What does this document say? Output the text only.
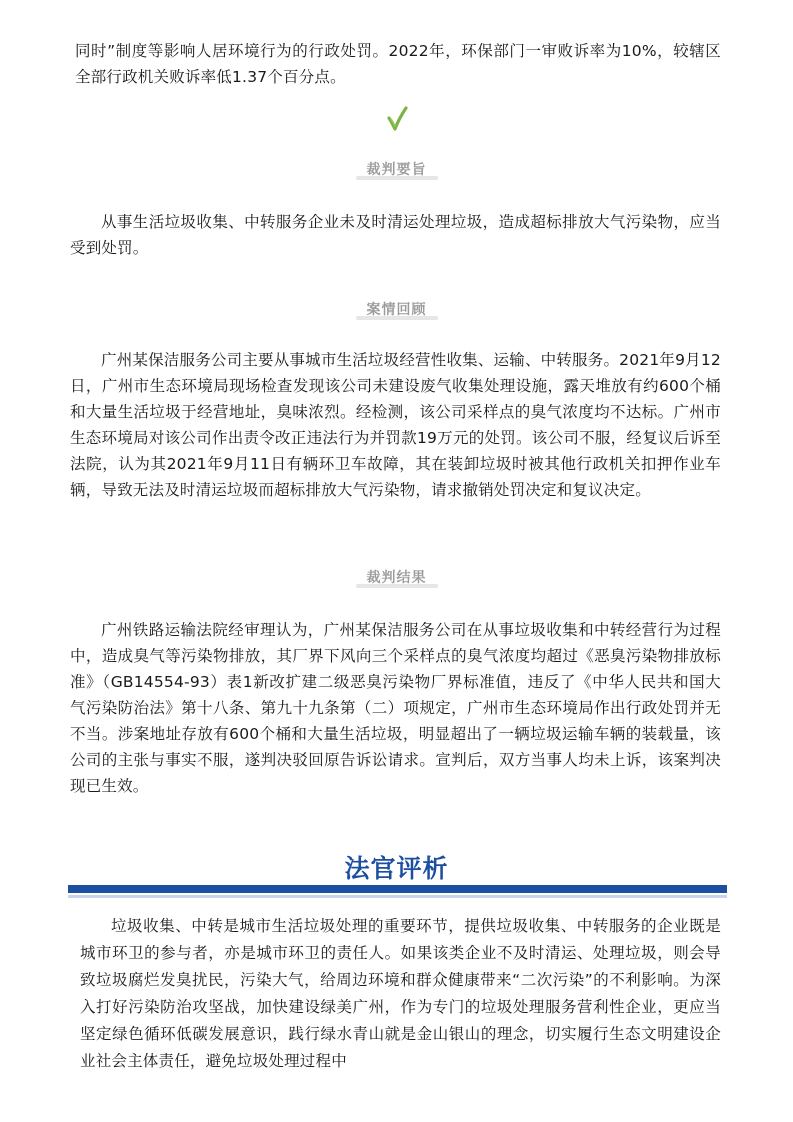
同时”制度等影响人居环境行为的行政处罚。2022年，环保部门一审败诉率为10%，较辖区全部行政机关败诉率低1.37个百分点。

裁判要旨

从事生活垃圾收集、中转服务企业未及时清运处理垃圾，造成超标排放大气污染物，应当受到处罚。

案情回顾

广州某保洁服务公司主要从事城市生活垃圾经营性收集、运输、中转服务。2021年9月12日，广州市生态环境局现场检查发现该公司未建设废气收集处理设施，露天堆放有约600个桶和大量生活垃圾于经营地址，臭味浓烈。经检测，该公司采样点的臭气浓度均不达标。广州市生态环境局对该公司作出责令改正违法行为并罚款19万元的处罚。该公司不服，经复议后诉至法院，认为其2021年9月11日有辆环卫车故障，其在装卸垃圾时被其他行政机关扣押作业车辆，导致无法及时清运垃圾而超标排放大气污染物，请求撤销处罚决定和复议决定。

裁判结果

广州铁路运输法院经审理认为，广州某保洁服务公司在从事垃圾收集和中转经营行为过程中，造成臭气等污染物排放，其厂界下风向三个采样点的臭气浓度均超过《恶臭污染物排放标准》（GB14554-93）表1新改扩建二级恶臭污染物厂界标准值，违反了《中华人民共和国大气污染防治法》第十八条、第九十九条第（二）项规定，广州市生态环境局作出行政处罚并无不当。涉案地址存放有600个桶和大量生活垃圾，明显超出了一辆垃圾运输车辆的装载量，该公司的主张与事实不服，遂判决驳回原告诉讼请求。宣判后，双方当事人均未上诉，该案判决现已生效。

法官评析

垃圾收集、中转是城市生活垃圾处理的重要环节，提供垃圾收集、中转服务的企业既是城市环卫的参与者，亦是城市环卫的责任人。如果该类企业不及时清运、处理垃圾，则会导致垃圾腐烂发臭扰民，污染大气，给周边环境和群众健康带来“二次污染”的不利影响。为深入打好污染防治攻坚战，加快建设绿美广州，作为专门的垃圾处理服务营利性企业，更应当坚定绿色循环低碳发展意识，践行绿水青山就是金山银山的理念，切实履行生态文明建设企业社会主体责任，避免垃圾处理过程中
